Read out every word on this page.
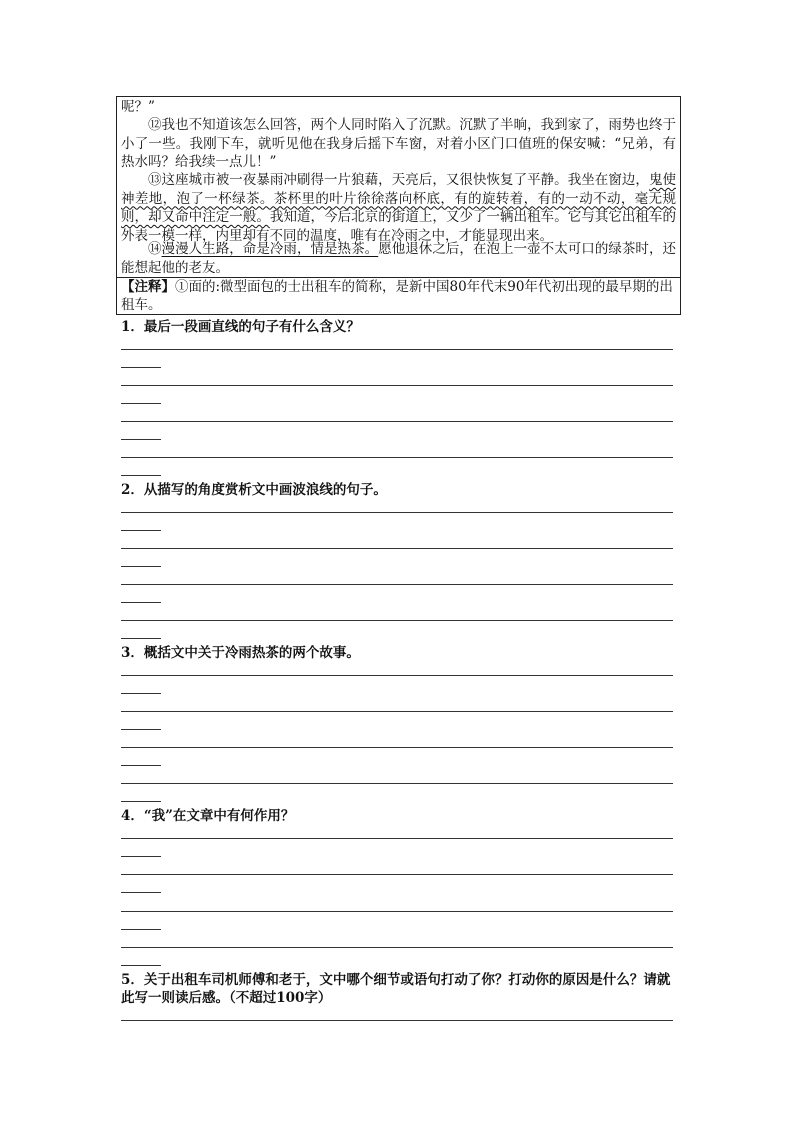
呢？”

⑫我也不知道该怎么回答，两个人同时陷入了沉默。沉默了半晌，我到家了，雨势也终于小了一些。我刚下车，就听见他在我身后摇下车窗，对着小区门口值班的保安喊：“兄弟，有热水吗？给我续一点儿！”

⑬这座城市被一夜暴雨冲刷得一片狼藉，天亮后，又很快恢复了平静。我坐在窗边，鬼使神差地，泡了一杯绿茶。茶杯里的叶片徐徐落向杯底，有的旋转着，有的一动不动，毫无规则，却又命中注定一般。我知道，今后北京的街道上，又少了一辆出租车。它与其它出租车的外表一模一样，内里却有不同的温度，唯有在冷雨之中，才能显现出来。

⑭漫漫人生路，命是冷雨，情是热茶。愿他退休之后，在泡上一壶不太可口的绿茶时，还能想起他的老友。

【注释】①面的:微型面包的士出租车的简称，是新中国80年代末90年代初出现的最早期的出租车。

1．最后一段画直线的句子有什么含义？

2．从描写的角度赏析文中画波浪线的句子。

3．概括文中关于冷雨热茶的两个故事。

4．“我”在文章中有何作用？

5．关于出租车司机师傅和老于，文中哪个细节或语句打动了你？打动你的原因是什么？请就此写一则读后感。（不超过100字）
